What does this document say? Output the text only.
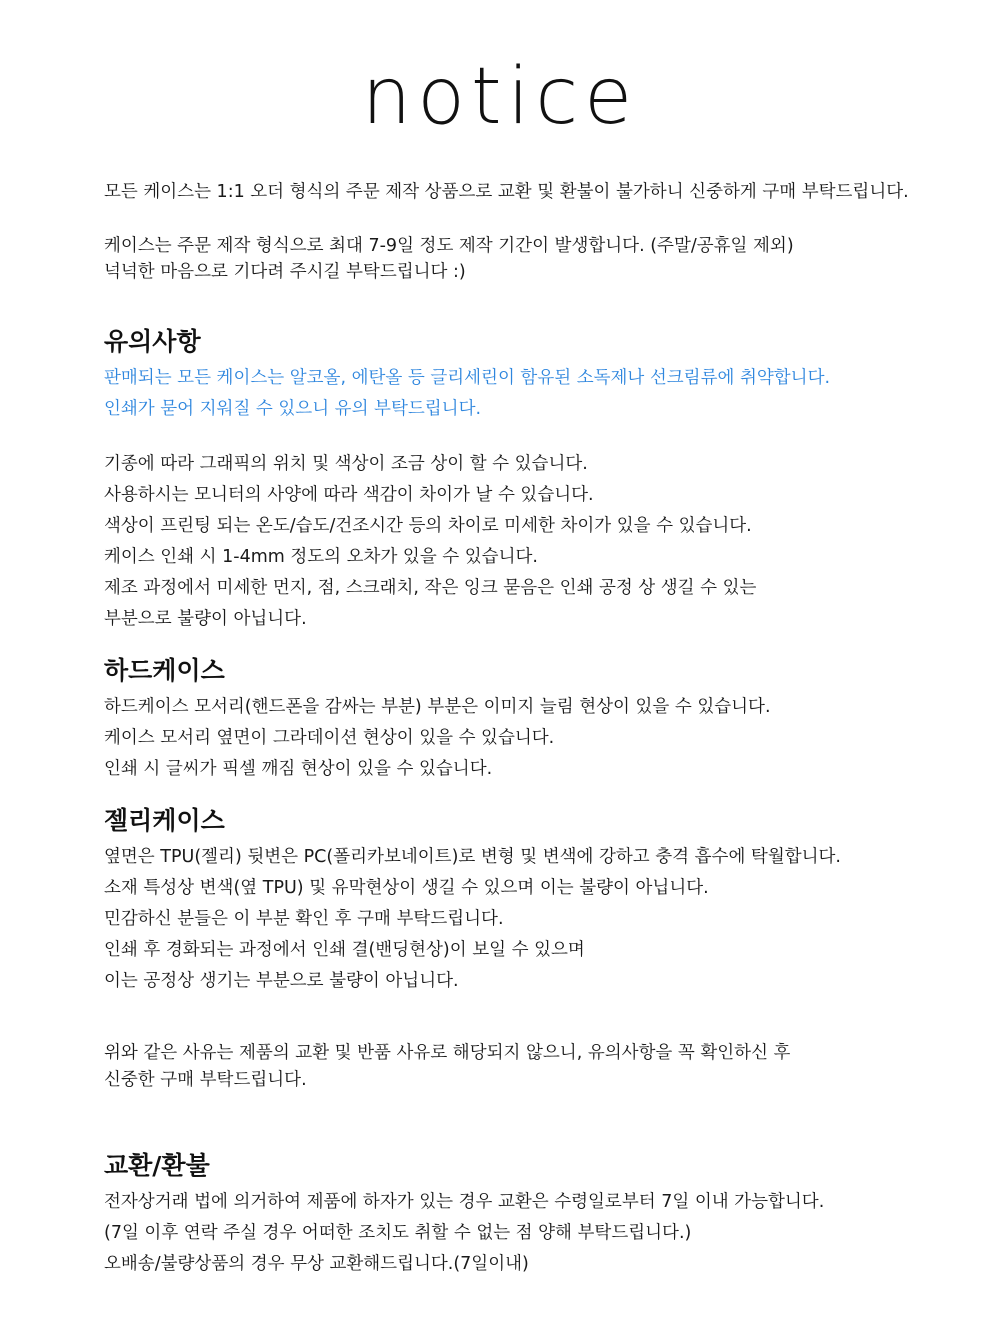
notice
모든 케이스는 1:1 오더 형식의 주문 제작 상품으로 교환 및 환불이 불가하니 신중하게 구매 부탁드립니다.
케이스는 주문 제작 형식으로 최대 7-9일 정도 제작 기간이 발생합니다. (주말/공휴일 제외)
넉넉한 마음으로 기다려 주시길 부탁드립니다 :)
유의사항
판매되는 모든 케이스는 알코올, 에탄올 등 글리세린이 함유된 소독제나 선크림류에 취약합니다.
인쇄가 묻어 지워질 수 있으니 유의 부탁드립니다.
기종에 따라 그래픽의 위치 및 색상이 조금 상이 할 수 있습니다.
사용하시는 모니터의 사양에 따라 색감이 차이가 날 수 있습니다.
색상이 프린팅 되는 온도/습도/건조시간 등의 차이로 미세한 차이가 있을 수 있습니다.
케이스 인쇄 시 1-4mm 정도의 오차가 있을 수 있습니다.
제조 과정에서 미세한 먼지, 점, 스크래치, 작은 잉크 묻음은 인쇄 공정 상 생길 수 있는
부분으로 불량이 아닙니다.
하드케이스
하드케이스 모서리(핸드폰을 감싸는 부분) 부분은 이미지 늘림 현상이 있을 수 있습니다.
케이스 모서리 옆면이 그라데이션 현상이 있을 수 있습니다.
인쇄 시 글씨가 픽셀 깨짐 현상이 있을 수 있습니다.
젤리케이스
옆면은 TPU(젤리) 뒷변은 PC(폴리카보네이트)로 변형 및 변색에 강하고 충격 흡수에 탁월합니다.
소재 특성상 변색(옆 TPU) 및 유막현상이 생길 수 있으며 이는 불량이 아닙니다.
민감하신 분들은 이 부분 확인 후 구매 부탁드립니다.
인쇄 후 경화되는 과정에서 인쇄 결(밴딩현상)이 보일 수 있으며
이는 공정상 생기는 부분으로 불량이 아닙니다.
위와 같은 사유는 제품의 교환 및 반품 사유로 해당되지 않으니, 유의사항을 꼭 확인하신 후
신중한 구매 부탁드립니다.
교환/환불
전자상거래 법에 의거하여 제품에 하자가 있는 경우 교환은 수령일로부터 7일 이내 가능합니다.
(7일 이후 연락 주실 경우 어떠한 조치도 취할 수 없는 점 양해 부탁드립니다.)
오배송/불량상품의 경우 무상 교환해드립니다.(7일이내)
